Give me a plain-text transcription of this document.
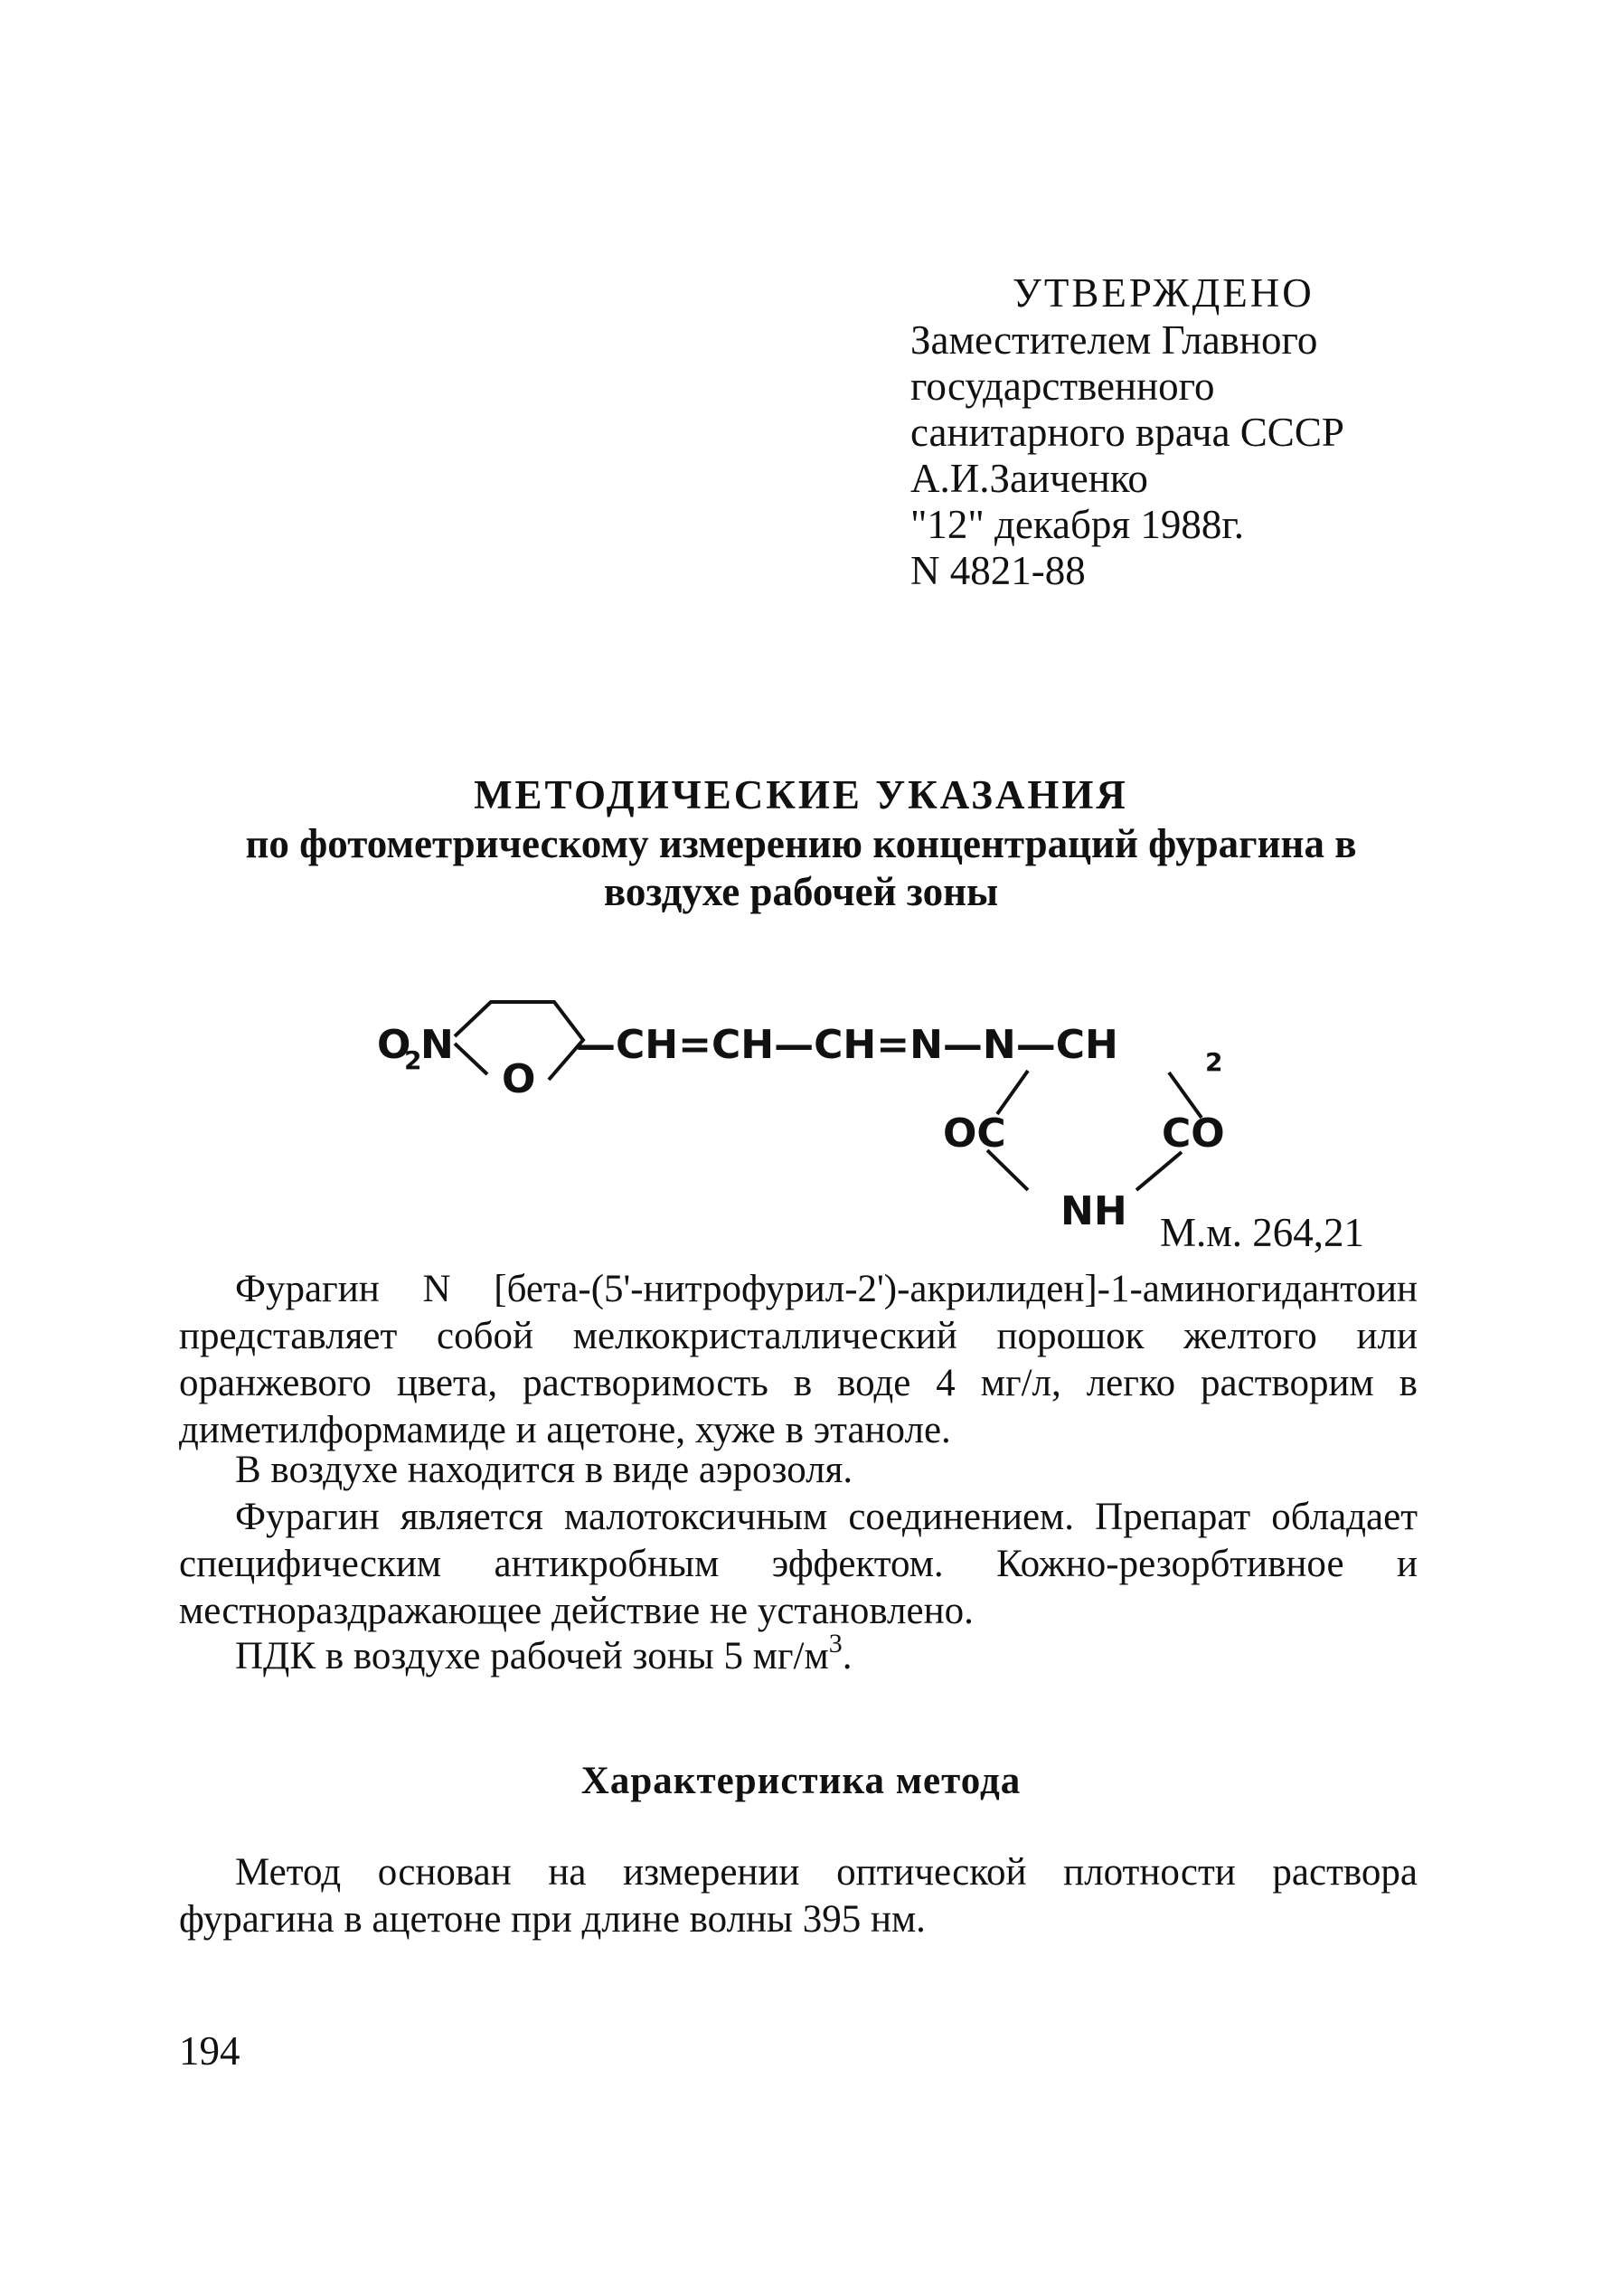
УТВЕРЖДЕНО
Заместителем Главного
государственного
санитарного врача СССР
А.И.Заиченко
"12" декабря 1988г.
N 4821-88
МЕТОДИЧЕСКИЕ УКАЗАНИЯ
по фотометрическому измерению концентраций фурагина в
воздухе рабочей зоны
O
2
N
O
—CH=CH—CH=N—N—CH	2
OC	CO
NH М.м. 264,21
Фурагин N [бета-(5'-нитрофурил-2')-акрилиден]-1-аминогидантоин представляет собой мелкокристаллический порошок желтого или оранжевого цвета, растворимость в воде 4 мг/л, легко растворим в диметилформамиде и ацетоне, хуже в этаноле.
В воздухе находится в виде аэрозоля.
Фурагин является малотоксичным соединением. Препарат обладает специфическим антикробным эффектом. Кожно-резорбтивное и местнораздражающее действие не установлено.
ПДК в воздухе рабочей зоны 5 $мг/м^3$.
Характеристика метода
Метод основан на измерении оптической плотности раствора фурагина в ацетоне при длине волны 395 нм.
194
